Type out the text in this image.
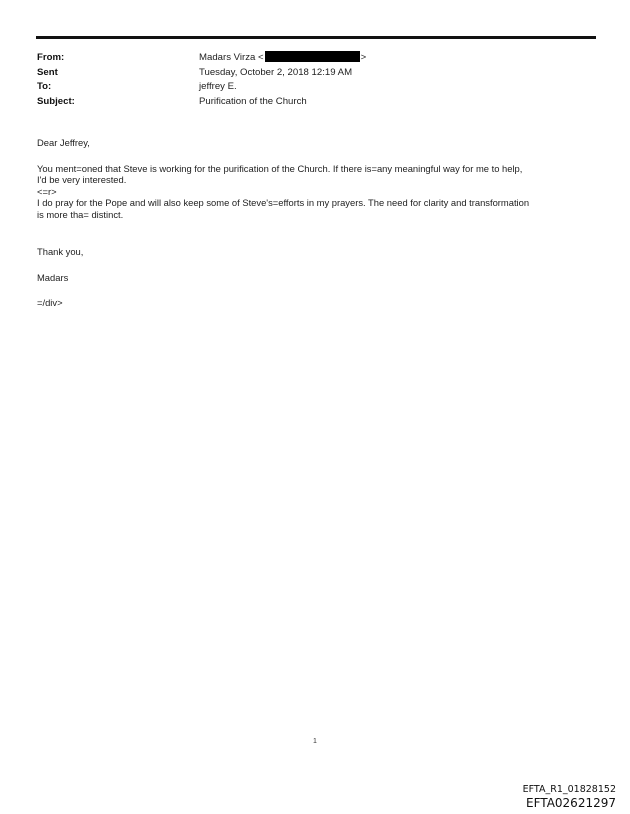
From:	Madars Virza <	>
Sent	Tuesday, October 2, 2018 12:19 AM
To:	jeffrey E.
Subject:	Purification of the Church

Dear Jeffrey,

You ment=oned that Steve is working for the purification of the Church. If there is=any meaningful way for me to help,

I'd be very interested.

<=r>

I do pray for the Pope and will also keep some of Steve's=efforts in my prayers. The need for clarity and transformation

is more tha= distinct.

Thank you,

Madars

=/div>

1
EFTA_R1_01828152
EFTA02621297
